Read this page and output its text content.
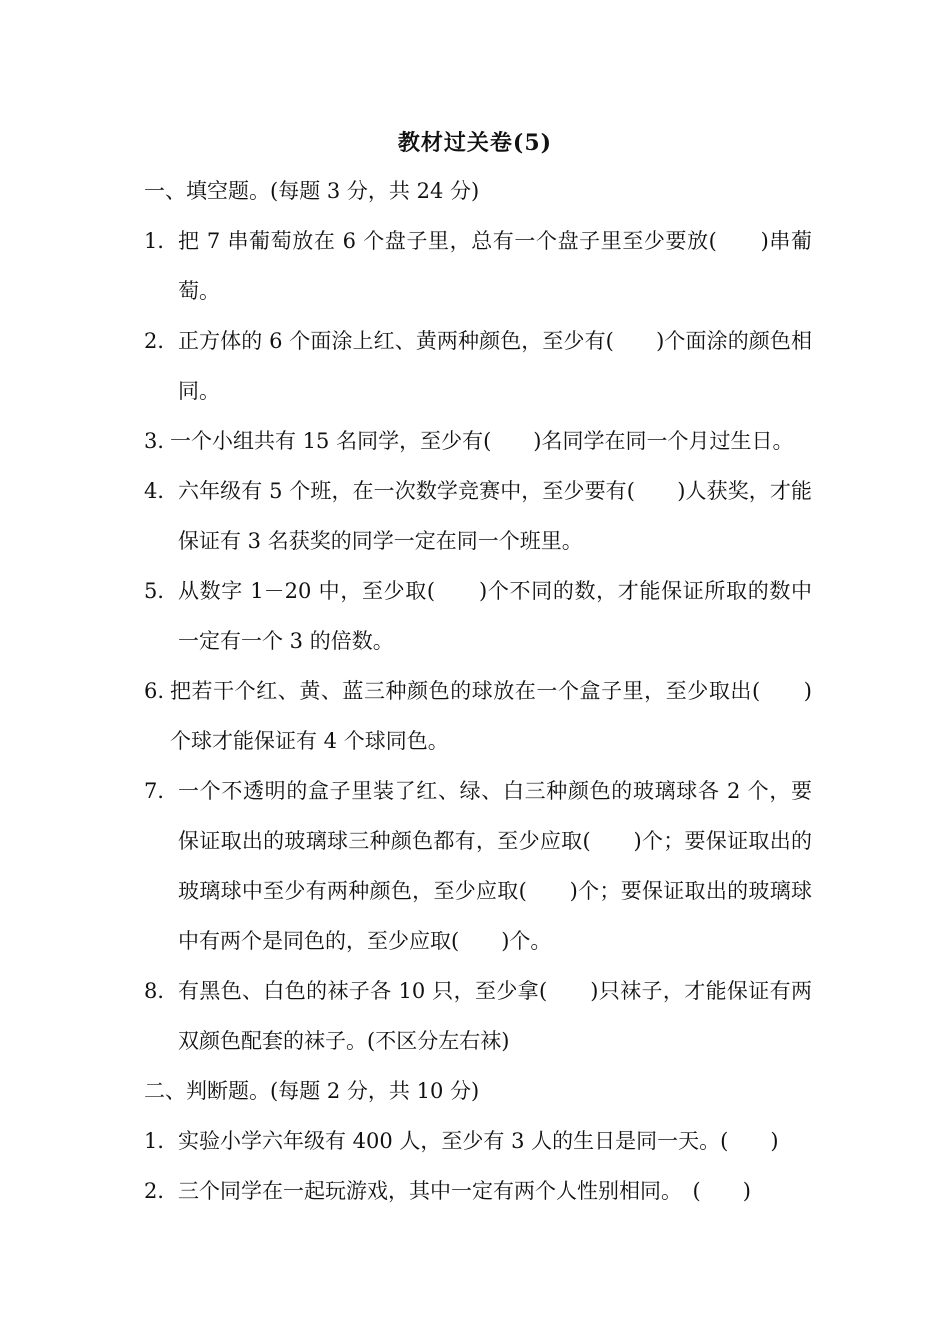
教材过关卷(5)
一、填空题。(每题 3 分，共 24 分)
1． 把 7 串葡萄放在 6 个盘子里，总有一个盘子里至少要放(　　)串葡萄。
2． 正方体的 6 个面涂上红、黄两种颜色，至少有(　　)个面涂的颜色相同。
3．
一个小组共有 15 名同学，至少有(　　)名同学在同一个月过生日。
4． 六年级有 5 个班，在一次数学竞赛中，至少要有(　　)人获奖，才能保证有 3 名获奖的同学一定在同一个班里。
5． 从数字 1－20 中，至少取(　　)个不同的数，才能保证所取的数中一定有一个 3 的倍数。
6. 把若干个红、黄、蓝三种颜色的球放在一个盒子里，至少取出(　　)个球才能保证有 4 个球同色。
7． 一个不透明的盒子里装了红、绿、白三种颜色的玻璃球各 2 个，要保证取出的玻璃球三种颜色都有，至少应取(　　)个；要保证取出的玻璃球中至少有两种颜色，至少应取(　　)个；要保证取出的玻璃球中有两个是同色的，至少应取(　　)个。
8． 有黑色、白色的袜子各 10 只，至少拿(　　)只袜子，才能保证有两双颜色配套的袜子。(不区分左右袜)
二、判断题。(每题 2 分，共 10 分)
1． 实验小学六年级有 400 人，至少有 3 人的生日是同一天。(　　)
2． 三个同学在一起玩游戏，其中一定有两个人性别相同。　(　　)
